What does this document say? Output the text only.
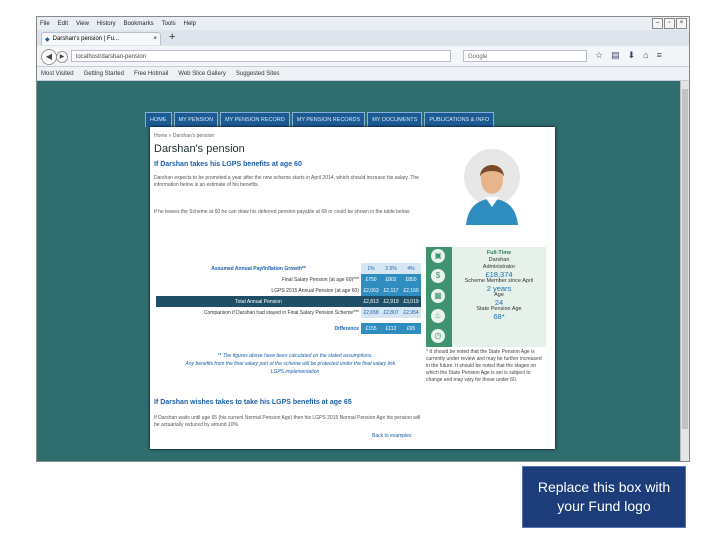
File Edit View History Bookmarks Tools Help	–	▫	×
◆ Darshan's pension | Fu...	× +
◀	▶	localhost/darshan-pension	Google	☆ ▤ ⬇ ⌂ ≡
Most Visited Getting Started Free Hotmail Web Slice Gallery Suggested Sites
HOME	MY PENSION	MY PENSION RECORD	MY PENSION RECORDS	MY DOCUMENTS	PUBLICATIONS & INFO
Home » Darshan's pension
Darshan's pension
If Darshan takes his LGPS benefits at age 60
Darshan expects to be promoted a year after the new scheme starts in April 2014, which should increase his salary. The information below is an estimate of his benefits.
If he leaves the Scheme at 60 he can draw his deferred pension payable at 68 or could be shown in the table below:
Assumed Annual Pay/Inflation Growth**	1%	2.5%	4%
Final Salary Pension (at age 60)***	£750	£802	£850
LGPS 2015 Annual Pension (at age 60)	£2,063	£2,117	£2,169
Total Annual Pension	£2,813	£2,919	£3,019
Comparison if Darshan had stayed in Final Salary Pension Scheme***	£2,658	£2,807	£2,954

Difference	£155	£112	£65
** The figures above have been calculated on the stated assumptions.
Any benefits from the final salary part of the scheme will be protected under the final salary link.
LGPS implementation
If Darshan wishes takes to take his LGPS benefits at age 65
If Darshan waits until age 65 (his current Normal Pension Age) then his LGPS 2015 Normal Pension Age his pension will be actuarially reduced by around 10%.
Back to examples
▣
$
▦
♨
◷
Full-Time
Darshan
Administrator
£18,374
Scheme Member since April
2 years
Age
24
State Pension Age
68*
* It should be noted that the State Pension Age is currently under review and may be further increased in the future. It should be noted that the stages on which the State Pension Age is set is subject to change and may vary for those under 60.
Replace this box with your Fund logo
